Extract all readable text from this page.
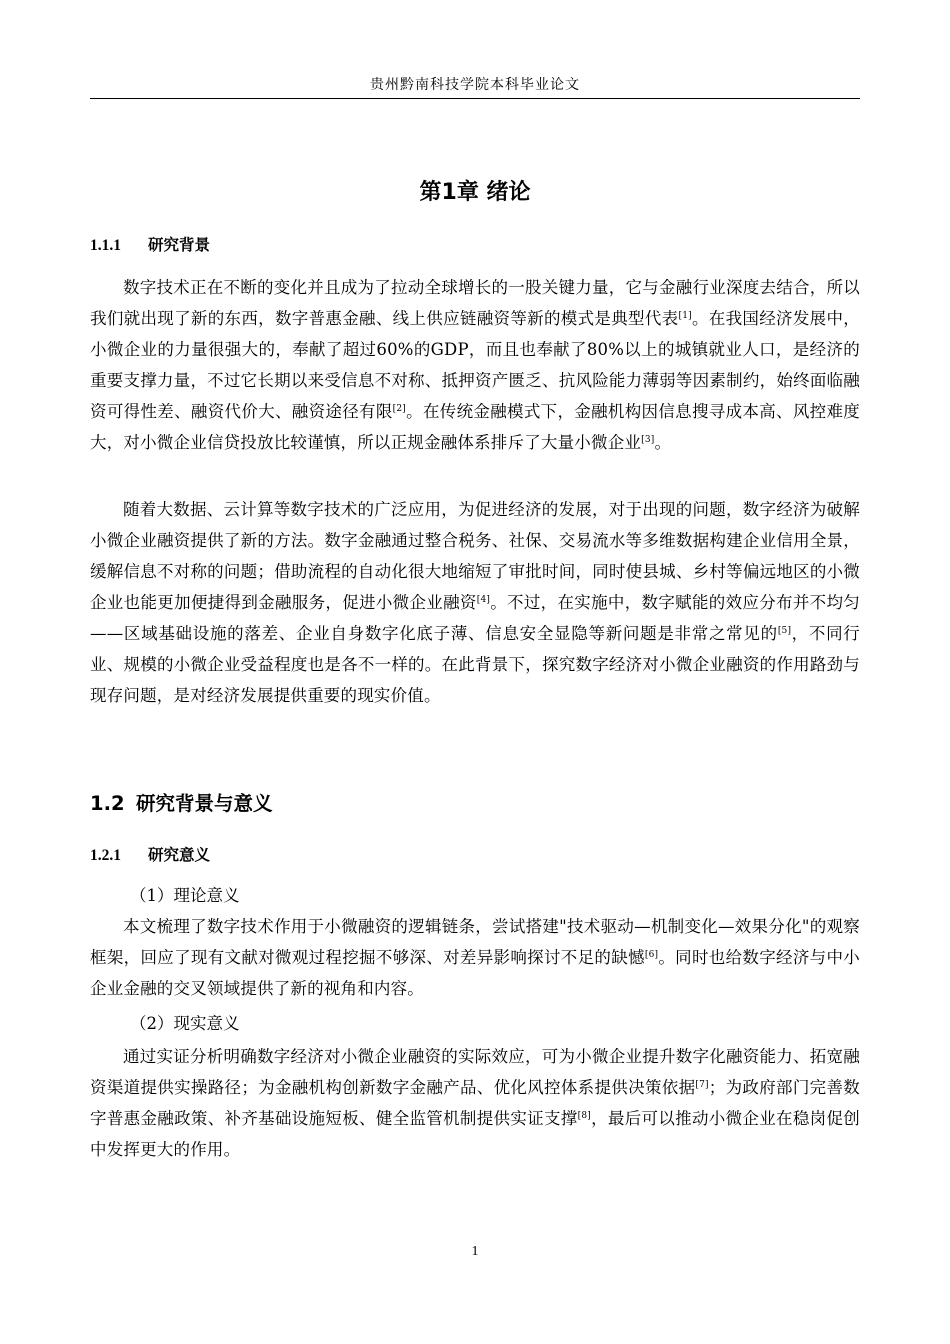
贵州黔南科技学院本科毕业论文
第1章 绪论
1.1.1 研究背景

数字技术正在不断的变化并且成为了拉动全球增长的一股关键力量，它与金融行业深度去结合，所以我们就出现了新的东西，数字普惠金融、线上供应链融资等新的模式是典型代表[1]。在我国经济发展中，小微企业的力量很强大的，奉献了超过60%的GDP，而且也奉献了80%以上的城镇就业人口，是经济的重要支撑力量，不过它长期以来受信息不对称、抵押资产匮乏、抗风险能力薄弱等因素制约，始终面临融资可得性差、融资代价大、融资途径有限[2]。在传统金融模式下，金融机构因信息搜寻成本高、风控难度大，对小微企业信贷投放比较谨慎，所以正规金融体系排斥了大量小微企业[3]。

随着大数据、云计算等数字技术的广泛应用，为促进经济的发展，对于出现的问题，数字经济为破解小微企业融资提供了新的方法。数字金融通过整合税务、社保、交易流水等多维数据构建企业信用全景，缓解信息不对称的问题；借助流程的自动化很大地缩短了审批时间，同时使县城、乡村等偏远地区的小微企业也能更加便捷得到金融服务，促进小微企业融资[4]。不过，在实施中，数字赋能的效应分布并不均匀——区域基础设施的落差、企业自身数字化底子薄、信息安全显隐等新问题是非常之常见的[5]，不同行业、规模的小微企业受益程度也是各不一样的。在此背景下，探究数字经济对小微企业融资的作用路劲与现存问题，是对经济发展提供重要的现实价值。

1.2 研究背景与意义
1.2.1 研究意义
（1）理论意义

本文梳理了数字技术作用于小微融资的逻辑链条，尝试搭建"技术驱动—机制变化—效果分化"的观察框架，回应了现有文献对微观过程挖掘不够深、对差异影响探讨不足的缺憾[6]。同时也给数字经济与中小企业金融的交叉领域提供了新的视角和内容。

（2）现实意义

通过实证分析明确数字经济对小微企业融资的实际效应，可为小微企业提升数字化融资能力、拓宽融资渠道提供实操路径；为金融机构创新数字金融产品、优化风控体系提供决策依据[7]；为政府部门完善数字普惠金融政策、补齐基础设施短板、健全监管机制提供实证支撑[8]，最后可以推动小微企业在稳岗促创中发挥更大的作用。

1
